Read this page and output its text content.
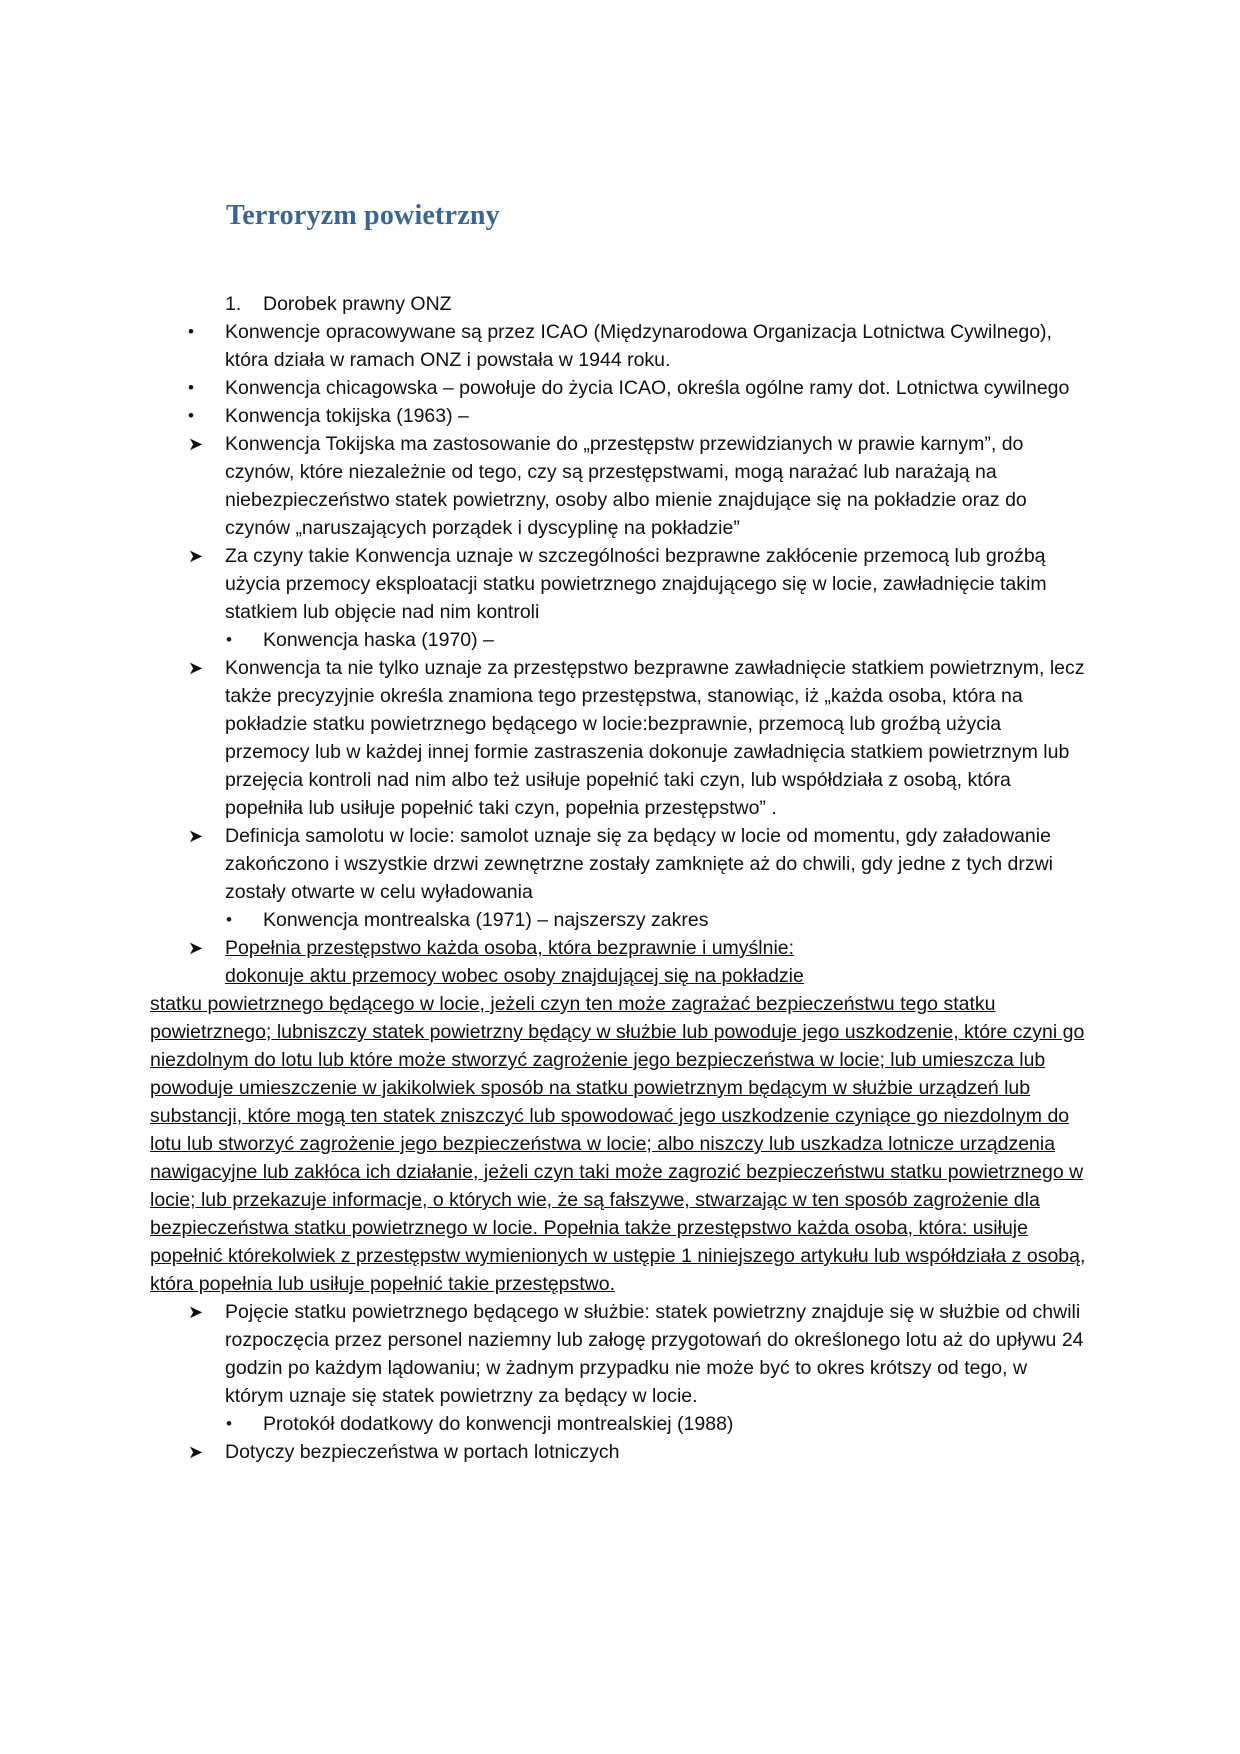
Terroryzm powietrzny

1.	Dorobek prawny ONZ

•	Konwencje opracowywane są przez ICAO (Międzynarodowa Organizacja Lotnictwa Cywilnego), która działa w ramach ONZ i powstała w 1944 roku.

•	Konwencja chicagowska – powołuje do życia ICAO, określa ogólne ramy dot. Lotnictwa cywilnego

•	Konwencja tokijska (1963) –

➤	Konwencja Tokijska ma zastosowanie do „przestępstw przewidzianych w prawie karnym”, do czynów, które niezależnie od tego, czy są przestępstwami, mogą narażać lub narażają na niebezpieczeństwo statek powietrzny, osoby albo mienie znajdujące się na pokładzie oraz do czynów „naruszających porządek i dyscyplinę na pokładzie”

➤	Za czyny takie Konwencja uznaje w szczególności bezprawne zakłócenie przemocą lub groźbą użycia przemocy eksploatacji statku powietrznego znajdującego się w locie, zawładnięcie takim statkiem lub objęcie nad nim kontroli

•	Konwencja haska (1970) –

➤	Konwencja ta nie tylko uznaje za przestępstwo bezprawne zawładnięcie statkiem powietrznym, lecz także precyzyjnie określa znamiona tego przestępstwa, stanowiąc, iż „każda osoba, która na pokładzie statku powietrznego będącego w locie:bezprawnie, przemocą lub groźbą użycia przemocy lub w każdej innej formie zastraszenia dokonuje zawładnięcia statkiem powietrznym lub przejęcia kontroli nad nim albo też usiłuje popełnić taki czyn, lub współdziała z osobą, która popełniła lub usiłuje popełnić taki czyn, popełnia przestępstwo” .

➤	Definicja samolotu w locie: samolot uznaje się za będący w locie od momentu, gdy załadowanie zakończono i wszystkie drzwi zewnętrzne zostały zamknięte aż do chwili, gdy jedne z tych drzwi zostały otwarte w celu wyładowania

•	Konwencja montrealska (1971) – najszerszy zakres

➤	Popełnia przestępstwo każda osoba, która bezprawnie i umyślnie:
dokonuje aktu przemocy wobec osoby znajdującej się na pokładzie

statku powietrznego będącego w locie, jeżeli czyn ten może zagrażać bezpieczeństwu tego statku powietrznego; lubniszczy statek powietrzny będący w służbie lub powoduje jego uszkodzenie, które czyni go niezdolnym do lotu lub które może stworzyć zagrożenie jego bezpieczeństwa w locie; lub umieszcza lub powoduje umieszczenie w jakikolwiek sposób na statku powietrznym będącym w służbie urządzeń lub substancji, które mogą ten statek zniszczyć lub spowodować jego uszkodzenie czyniące go niezdolnym do lotu lub stworzyć zagrożenie jego bezpieczeństwa w locie; albo niszczy lub uszkadza lotnicze urządzenia nawigacyjne lub zakłóca ich działanie, jeżeli czyn taki może zagrozić bezpieczeństwu statku powietrznego w locie; lub przekazuje informacje, o których wie, że są fałszywe, stwarzając w ten sposób zagrożenie dla bezpieczeństwa statku powietrznego w locie. Popełnia także przestępstwo każda osoba, która: usiłuje popełnić którekolwiek z przestępstw wymienionych w ustępie 1 niniejszego artykułu lub współdziała z osobą, która popełnia lub usiłuje popełnić takie przestępstwo.

➤	Pojęcie statku powietrznego będącego w służbie: statek powietrzny znajduje się w służbie od chwili rozpoczęcia przez personel naziemny lub załogę przygotowań do określonego lotu aż do upływu 24 godzin po każdym lądowaniu; w żadnym przypadku nie może być to okres krótszy od tego, w którym uznaje się statek powietrzny za będący w locie.

•	Protokół dodatkowy do konwencji montrealskiej (1988)

➤	Dotyczy bezpieczeństwa w portach lotniczych
